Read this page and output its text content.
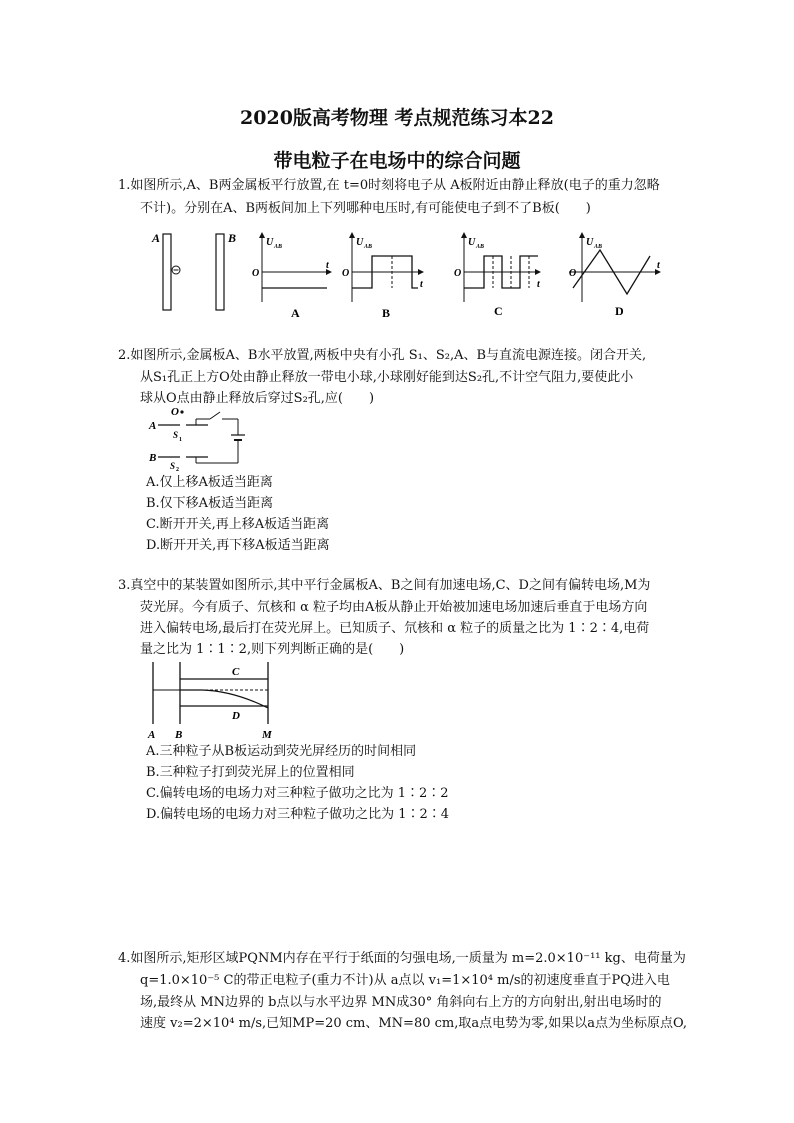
2020版高考物理 考点规范练习本22
带电粒子在电场中的综合问题
1.如图所示,A、B两金属板平行放置,在 t=0时刻将电子从 A板附近由静止释放(电子的重力忽略
不计)。分别在A、B两板间加上下列哪种电压时,有可能使电子到不了B板(　　)
A	B	U AB
O
t
A
U AB
O
t
B
U AB
O
t
C
U AB
O
t
D
2.如图所示,金属板A、B水平放置,两板中央有小孔 S₁、S₂,A、B与直流电源连接。闭合开关,
从S₁孔正上方O处由静止释放一带电小球,小球刚好能到达S₂孔,不计空气阻力,要使此小
球从O点由静止释放后穿过S₂孔,应(　　)
O
A
S 1
B
S 2
A.仅上移A板适当距离
B.仅下移A板适当距离
C.断开开关,再上移A板适当距离
D.断开开关,再下移A板适当距离
3.真空中的某装置如图所示,其中平行金属板A、B之间有加速电场,C、D之间有偏转电场,M为
荧光屏。今有质子、氘核和 α 粒子均由A板从静止开始被加速电场加速后垂直于电场方向
进入偏转电场,最后打在荧光屏上。已知质子、氘核和 α 粒子的质量之比为 1∶2∶4,电荷
量之比为 1∶1∶2,则下列判断正确的是(　　)
C
D
A B	M
A.三种粒子从B板运动到荧光屏经历的时间相同
B.三种粒子打到荧光屏上的位置相同
C.偏转电场的电场力对三种粒子做功之比为 1∶2∶2
D.偏转电场的电场力对三种粒子做功之比为 1∶2∶4
4.如图所示,矩形区域PQNM内存在平行于纸面的匀强电场,一质量为 m=2.0×10⁻¹¹ kg、电荷量为
q=1.0×10⁻⁵ C的带正电粒子(重力不计)从 a点以 v₁=1×10⁴ m/s的初速度垂直于PQ进入电
场,最终从 MN边界的 b点以与水平边界 MN成30° 角斜向右上方的方向射出,射出电场时的
速度 v₂=2×10⁴ m/s,已知MP=20 cm、MN=80 cm,取a点电势为零,如果以a点为坐标原点O,
